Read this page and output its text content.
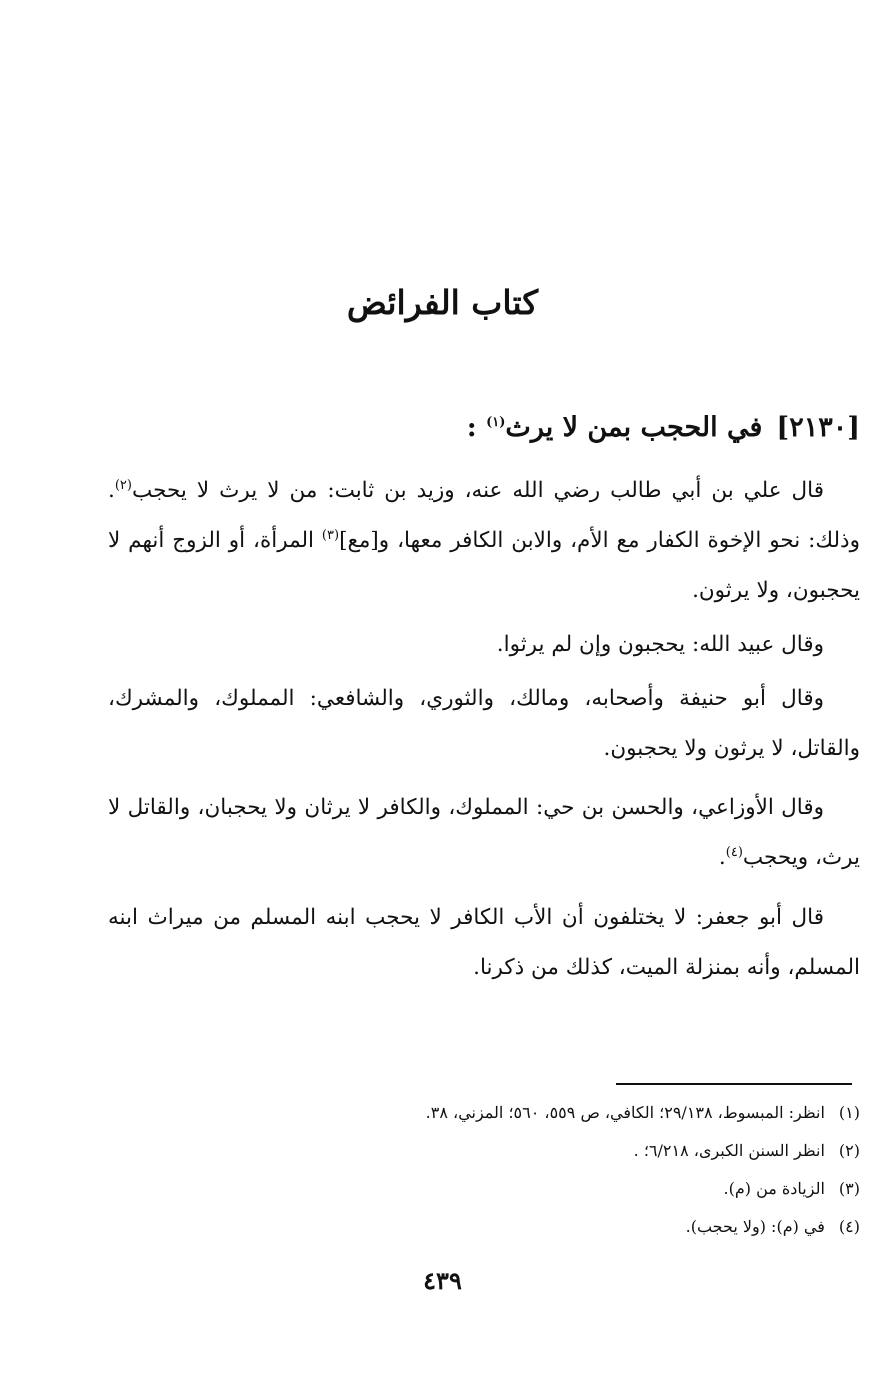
كتاب الفرائض
[٢١٣٠]في الحجب بمن لا يرث$^{(١)}$ :
قال علي بن أبي طالب رضي الله عنه، وزيد بن ثابت: من لا يرث لا يحجب$^{(٢)}$. وذلك: نحو الإخوة الكفار مع الأم، والابن الكافر معها، و[مع]$^{(٣)}$ المرأة، أو الزوج أنهم لا يحجبون، ولا يرثون.
وقال عبيد الله: يحجبون وإن لم يرثوا.
وقال أبو حنيفة وأصحابه، ومالك، والثوري، والشافعي: المملوك، والمشرك، والقاتل، لا يرثون ولا يحجبون.
وقال الأوزاعي، والحسن بن حي: المملوك، والكافر لا يرثان ولا يحجبان، والقاتل لا يرث، ويحجب$^{(٤)}$.
قال أبو جعفر: لا يختلفون أن الأب الكافر لا يحجب ابنه المسلم من ميراث ابنه المسلم، وأنه بمنزلة الميت، كذلك من ذكرنا.
(١)انظر: المبسوط، ٢٩/١٣٨؛ الكافي، ص ٥٥٩، ٥٦٠؛ المزني، ٣٨.
(٢)انظر السنن الكبرى، ٦/٢١٨؛ .
(٣)الزيادة من (م).
(٤)في (م): (ولا يحجب).
٤٣٩
